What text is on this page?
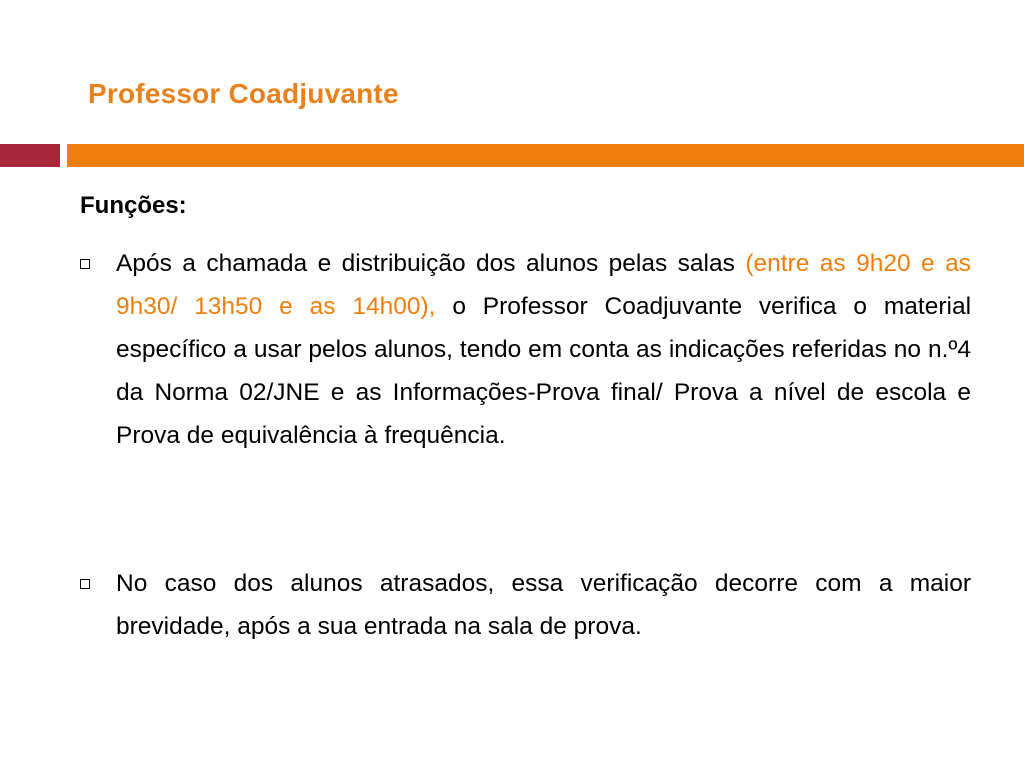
Professor Coadjuvante
Funções:
Após a chamada e distribuição dos alunos pelas salas (entre as 9h20 e as 9h30/ 13h50 e as 14h00), o Professor Coadjuvante verifica o material específico a usar pelos alunos, tendo em conta as indicações referidas no n.º4 da Norma 02/JNE e as Informações-Prova final/ Prova a nível de escola e Prova de equivalência à frequência.
No caso dos alunos atrasados, essa verificação decorre com a maior brevidade, após a sua entrada na sala de prova.
